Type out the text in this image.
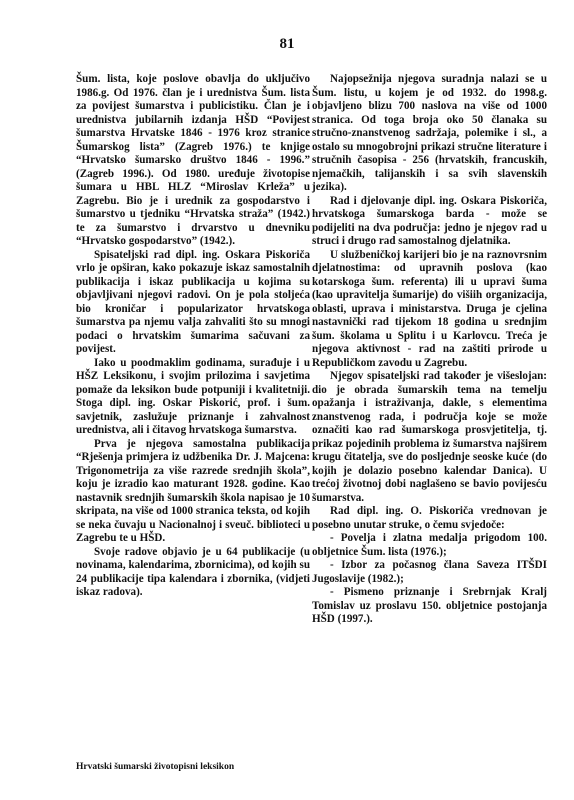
81

Šum. lista, koje poslove obavlja do uključivo 1986.g. Od 1976. član je i urednistva Šum. lista za povijest šumarstva i publicistiku. Član je i urednistva jubilarnih izdanja HŠD “Povijest šumarstva Hrvatske 1846 - 1976 kroz stranice Šumarskog lista” (Zagreb 1976.) te knjige “Hrvatsko šumarsko društvo 1846 - 1996.” (Zagreb 1996.). Od 1980. uređuje životopise šumara u HBL HLZ “Miroslav Krleža” u Zagrebu. Bio je i urednik za gospodarstvo i šumarstvo u tjedniku “Hrvatska straža” (1942.) te za šumarstvo i drvarstvo u dnevniku “Hrvatsko gospodarstvo” (1942.).

Spisateljski rad dipl. ing. Oskara Piskoriča vrlo je opširan, kako pokazuje iskaz samostalnih publikacija i iskaz publikacija u kojima su objavljivani njegovi radovi. On je pola stoljeća bio kroničar i popularizator hrvatskoga šumarstva pa njemu valja zahvaliti što su mnogi podaci o hrvatskim šumarima sačuvani za povijest.

Iako u poodmaklim godinama, surađuje i u HŠZ Leksikonu, i svojim prilozima i savjetima pomaže da leksikon bude potpuniji i kvalitetniji. Stoga dipl. ing. Oskar Piskorić, prof. i šum. savjetnik, zaslužuje priznanje i zahvalnost urednistva, ali i čitavog hrvatskoga šumarstva.

Prva je njegova samostalna publikacija “Rješenja primjera iz udžbenika Dr. J. Majcena: Trigonometrija za više razrede srednjih škola”, koju je izradio kao maturant 1928. godine. Kao nastavnik srednjih šumarskih škola napisao je 10 skripata, na više od 1000 stranica teksta, od kojih se neka čuvaju u Nacionalnoj i sveuč. biblioteci u Zagrebu te u HŠD.

Svoje radove objavio je u 64 publikacije (u novinama, kalendarima, zbornicima), od kojih su 24 publikacije tipa kalendara i zbornika, (vidjeti iskaz radova).

Najopsežnija njegova suradnja nalazi se u Šum. listu, u kojem je od 1932. do 1998.g. objavljeno blizu 700 naslova na više od 1000 stranica. Od toga broja oko 50 članaka su stručno-znanstvenog sadržaja, polemike i sl., a ostalo su mnogobrojni prikazi stručne literature i stručnih časopisa - 256 (hrvatskih, francuskih, njemačkih, talijanskih i sa svih slavenskih jezika).

Rad i djelovanje dipl. ing. Oskara Piskoriča, hrvatskoga šumarskoga barda - može se podijeliti na dva područja: jedno je njegov rad u struci i drugo rad samostalnog djelatnika.

U službeničkoj karijeri bio je na raznovrsnim djelatnostima: od upravnih poslova (kao kotarskoga šum. referenta) ili u upravi šuma (kao upravitelja šumarije) do višiih organizacija, oblasti, uprava i ministarstva. Druga je cjelina nastavnički rad tijekom 18 godina u srednjim šum. školama u Splitu i u Karlovcu. Treća je njegova aktivnost - rad na zaštiti prirode u Republičkom zavodu u Zagrebu.

Njegov spisateljski rad također je višeslojan: dio je obrada šumarskih tema na temelju opažanja i istraživanja, dakle, s elementima znanstvenog rada, i područja koje se može označiti kao rad šumarskoga prosvjetitelja, tj. prikaz pojedinih problema iz šumarstva najširem krugu čitatelja, sve do posljednje seoske kuće (do kojih je dolazio posebno kalendar Danica). U trećoj životnoj dobi naglašeno se bavio povijesću šumarstva.

Rad dipl. ing. O. Piskoriča vrednovan je posebno unutar struke, o čemu svjedoče:

- Povelja i zlatna medalja prigodom 100. obljetnice Šum. lista (1976.);

- Izbor za počasnog člana Saveza ITŠDI Jugoslavije (1982.);

- Pismeno priznanje i Srebrnjak Kralj Tomislav uz proslavu 150. obljetnice postojanja HŠD (1997.).

Hrvatski šumarski životopisni leksikon
